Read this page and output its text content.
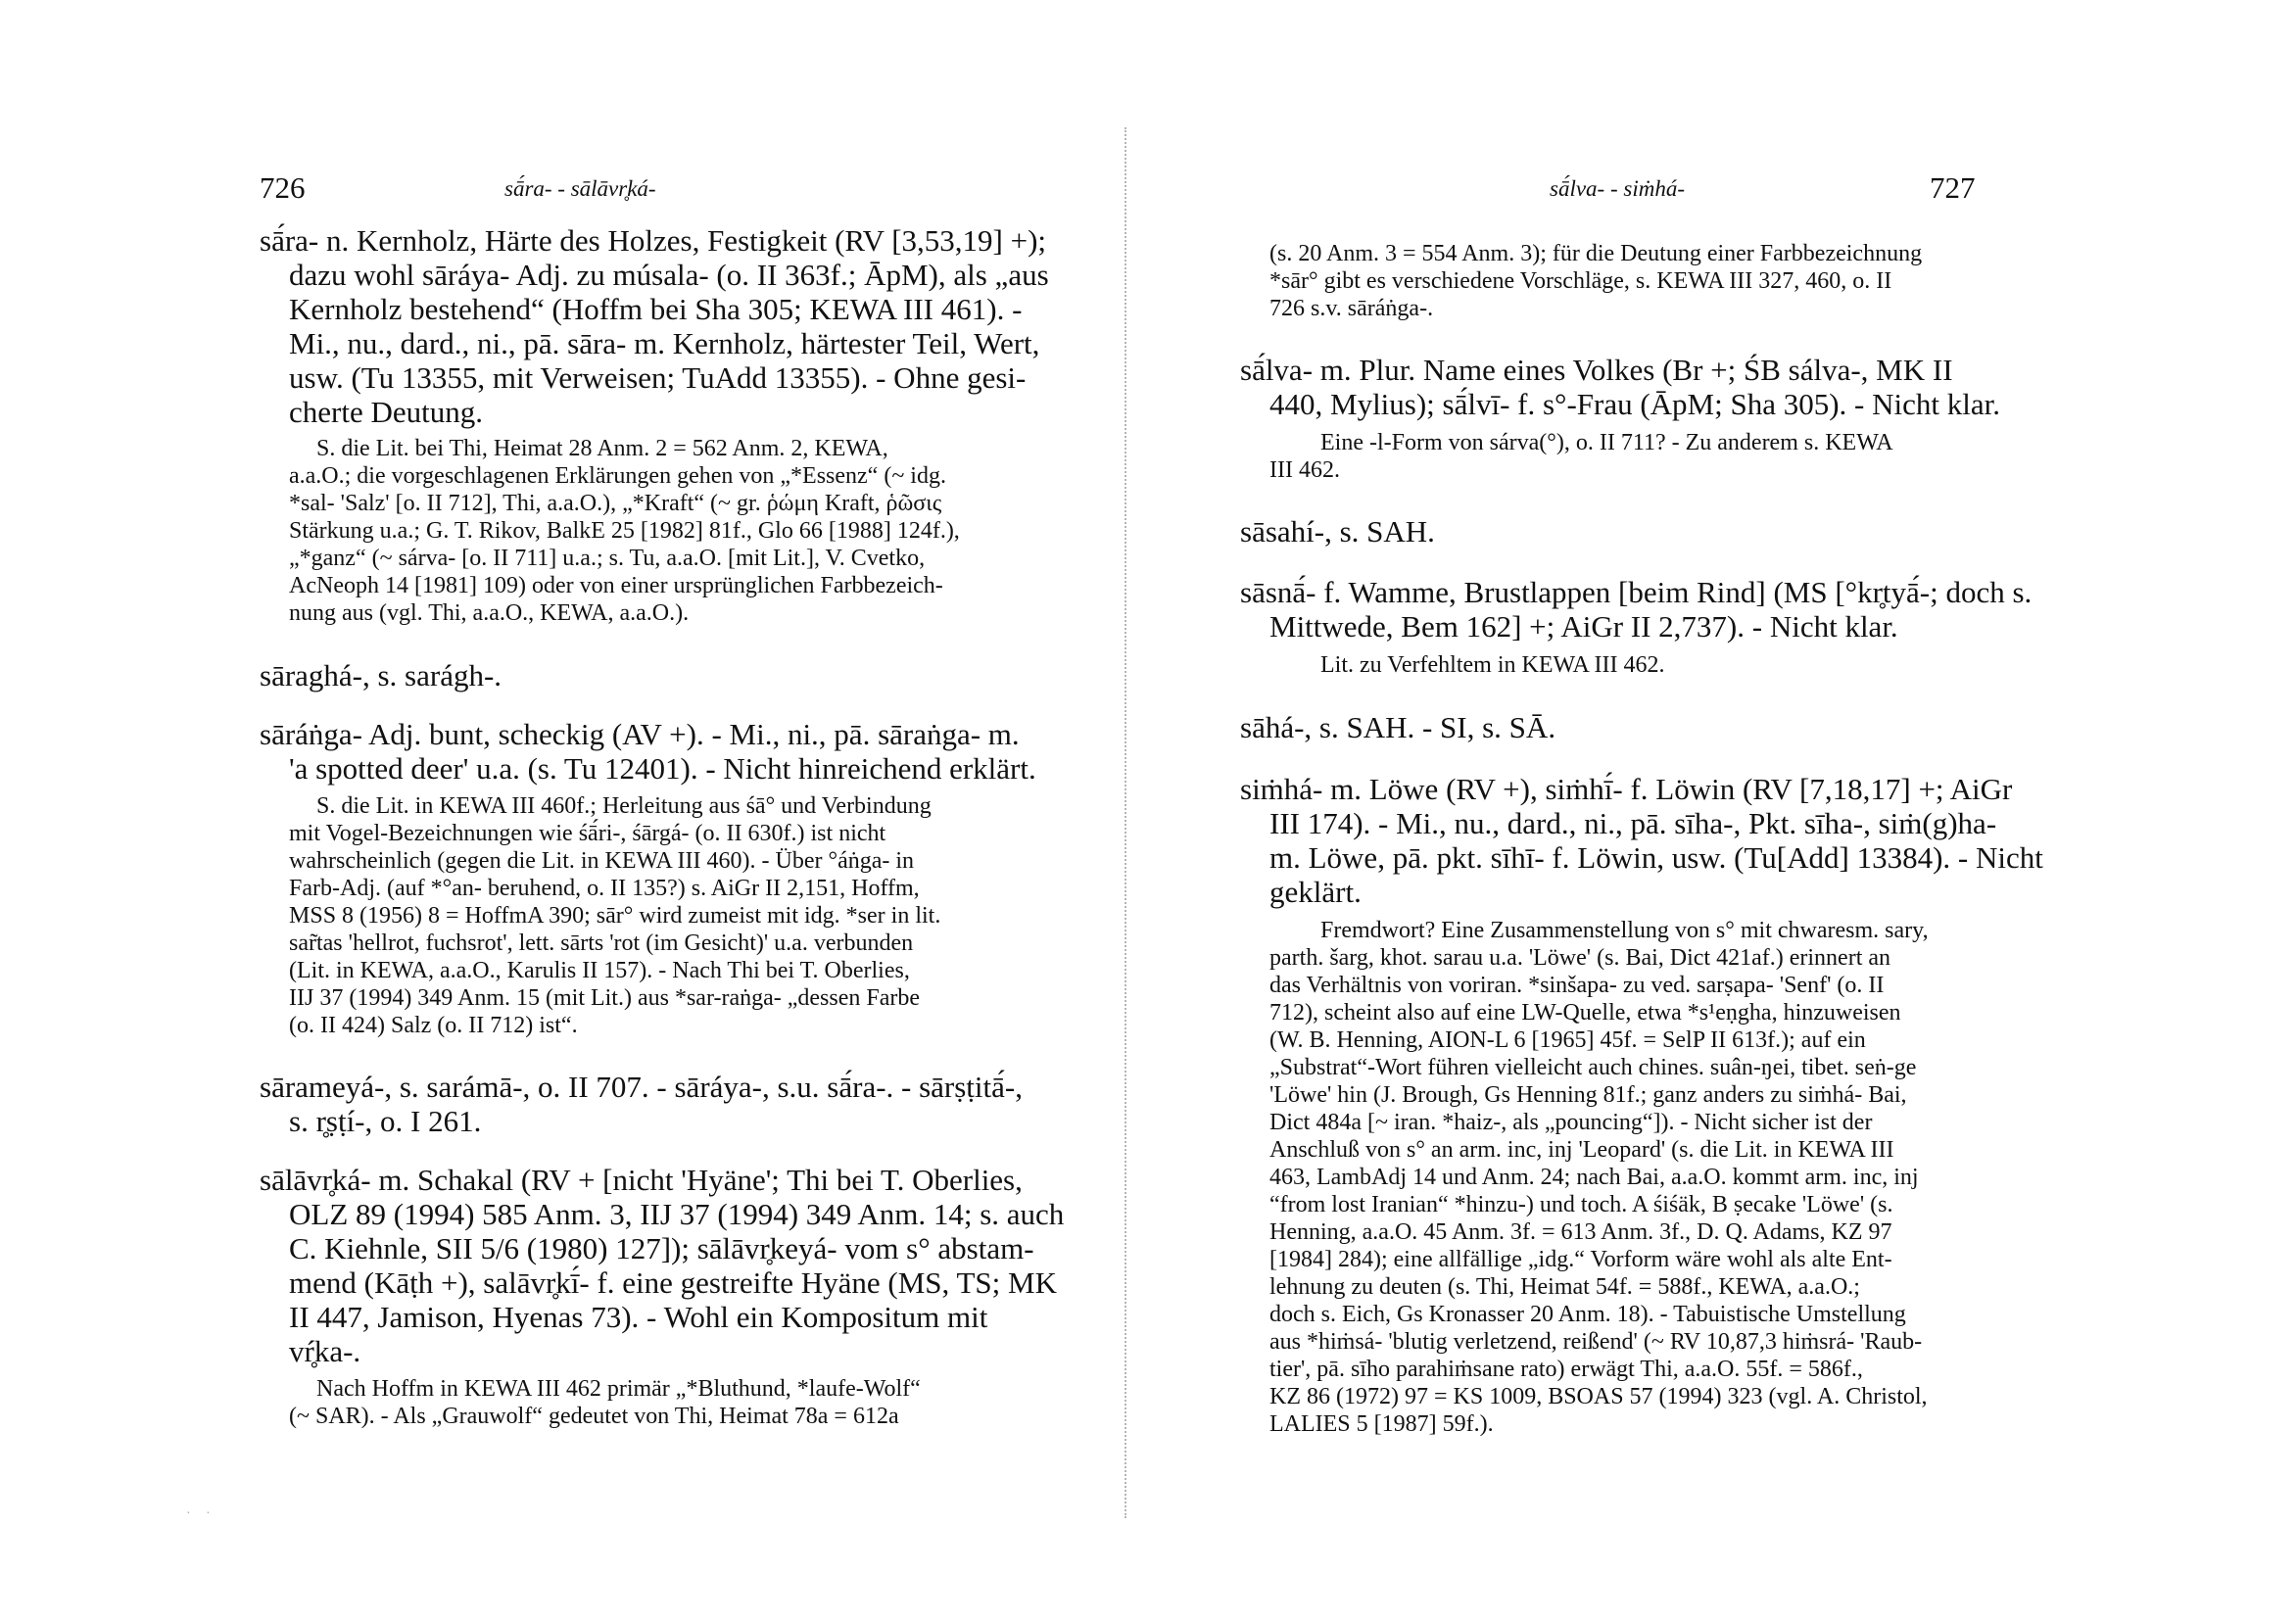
726	sā́ra- - sālāvr̥ká-
sā́ra- n. Kernholz, Härte des Holzes, Festigkeit (RV [3,53,19] +);
dazu wohl sāráya- Adj. zu músala- (o. II 363f.; ĀpM), als „aus
Kernholz bestehend“ (Hoffm bei Sha 305; KEWA III 461). -
Mi., nu., dard., ni., pā. sāra- m. Kernholz, härtester Teil, Wert,
usw. (Tu 13355, mit Verweisen; TuAdd 13355). - Ohne gesi-
cherte Deutung.
S. die Lit. bei Thi, Heimat 28 Anm. 2 = 562 Anm. 2, KEWA,
a.a.O.; die vorgeschlagenen Erklärungen gehen von „*Essenz“ (~ idg.
*sal- 'Salz' [o. II 712], Thi, a.a.O.), „*Kraft“ (~ gr. ῥώμη Kraft, ῥῶσις
Stärkung u.a.; G. T. Rikov, BalkE 25 [1982] 81f., Glo 66 [1988] 124f.),
„*ganz“ (~ sárva- [o. II 711] u.a.; s. Tu, a.a.O. [mit Lit.], V. Cvetko,
AcNeoph 14 [1981] 109) oder von einer ursprünglichen Farbbezeich-
nung aus (vgl. Thi, a.a.O., KEWA, a.a.O.).
sāraghá-, s. sarágh-.
sāráṅga- Adj. bunt, scheckig (AV +). - Mi., ni., pā. sāraṅga- m.
'a spotted deer' u.a. (s. Tu 12401). - Nicht hinreichend erklärt.
S. die Lit. in KEWA III 460f.; Herleitung aus śā° und Verbindung
mit Vogel-Bezeichnungen wie śā́ri-, śārgá- (o. II 630f.) ist nicht
wahrscheinlich (gegen die Lit. in KEWA III 460). - Über °áṅga- in
Farb-Adj. (auf *°an- beruhend, o. II 135?) s. AiGr II 2,151, Hoffm,
MSS 8 (1956) 8 = HoffmA 390; sār° wird zumeist mit idg. *ser in lit.
sar̃tas 'hellrot, fuchsrot', lett. sārts 'rot (im Gesicht)' u.a. verbunden
(Lit. in KEWA, a.a.O., Karulis II 157). - Nach Thi bei T. Oberlies,
IIJ 37 (1994) 349 Anm. 15 (mit Lit.) aus *sar-raṅga- „dessen Farbe
(o. II 424) Salz (o. II 712) ist“.
sārameyá-, s. sarámā-, o. II 707. - sāráya-, s.u. sā́ra-. - sārṣṭitā́-,
s. r̥ṣṭí-, o. I 261.
sālāvr̥ká- m. Schakal (RV + [nicht 'Hyäne'; Thi bei T. Oberlies,
OLZ 89 (1994) 585 Anm. 3, IIJ 37 (1994) 349 Anm. 14; s. auch
C. Kiehnle, SII 5/6 (1980) 127]); sālāvr̥keyá- vom s° abstam-
mend (Kāṭh +), salāvr̥kī́- f. eine gestreifte Hyäne (MS, TS; MK
II 447, Jamison, Hyenas 73). - Wohl ein Kompositum mit
vŕ̥ka-.
Nach Hoffm in KEWA III 462 primär „*Bluthund, *laufe-Wolf“
(~ SAR). - Als „Grauwolf“ gedeutet von Thi, Heimat 78a = 612a
sā́lva- - siṁhá-	727
(s. 20 Anm. 3 = 554 Anm. 3); für die Deutung einer Farbbezeichnung
*sār° gibt es verschiedene Vorschläge, s. KEWA III 327, 460, o. II
726 s.v. sāráṅga-.
sā́lva- m. Plur. Name eines Volkes (Br +; ŚB sálva-, MK II
440, Mylius); sā́lvī- f. s°-Frau (ĀpM; Sha 305). - Nicht klar.
Eine -l-Form von sárva(°), o. II 711? - Zu anderem s. KEWA
III 462.
sāsahí-, s. SAH.
sāsnā́- f. Wamme, Brustlappen [beim Rind] (MS [°kr̥tyā́-; doch s.
Mittwede, Bem 162] +; AiGr II 2,737). - Nicht klar.
Lit. zu Verfehltem in KEWA III 462.
sāhá-, s. SAH. - SI, s. SĀ.
siṁhá- m. Löwe (RV +), siṁhī́- f. Löwin (RV [7,18,17] +; AiGr
III 174). - Mi., nu., dard., ni., pā. sīha-, Pkt. sīha-, siṁ(g)ha-
m. Löwe, pā. pkt. sīhī- f. Löwin, usw. (Tu[Add] 13384). - Nicht
geklärt.
Fremdwort? Eine Zusammenstellung von s° mit chwaresm. sary,
parth. šarg, khot. sarau u.a. 'Löwe' (s. Bai, Dict 421af.) erinnert an
das Verhältnis von voriran. *sinšapa- zu ved. sarṣapa- 'Senf' (o. II
712), scheint also auf eine LW-Quelle, etwa *s¹eṇgha, hinzuweisen
(W. B. Henning, AION-L 6 [1965] 45f. = SelP II 613f.); auf ein
„Substrat“-Wort führen vielleicht auch chines. suân-ŋei, tibet. seṅ-ge
'Löwe' hin (J. Brough, Gs Henning 81f.; ganz anders zu siṁhá- Bai,
Dict 484a [~ iran. *haiz-, als „pouncing“]). - Nicht sicher ist der
Anschluß von s° an arm. inc, inj 'Leopard' (s. die Lit. in KEWA III
463, LambAdj 14 und Anm. 24; nach Bai, a.a.O. kommt arm. inc, inj
“from lost Iranian“ *hinzu-) und toch. A śiśäk, B ṣecake 'Löwe' (s.
Henning, a.a.O. 45 Anm. 3f. = 613 Anm. 3f., D. Q. Adams, KZ 97
[1984] 284); eine allfällige „idg.“ Vorform wäre wohl als alte Ent-
lehnung zu deuten (s. Thi, Heimat 54f. = 588f., KEWA, a.a.O.;
doch s. Eich, Gs Kronasser 20 Anm. 18). - Tabuistische Umstellung
aus *hiṁsá- 'blutig verletzend, reißend' (~ RV 10,87,3 hiṁsrá- 'Raub-
tier', pā. sīho parahiṁsane rato) erwägt Thi, a.a.O. 55f. = 586f.,
KZ 86 (1972) 97 = KS 1009, BSOAS 57 (1994) 323 (vgl. A. Christol,
LALIES 5 [1987] 59f.).
· ·
